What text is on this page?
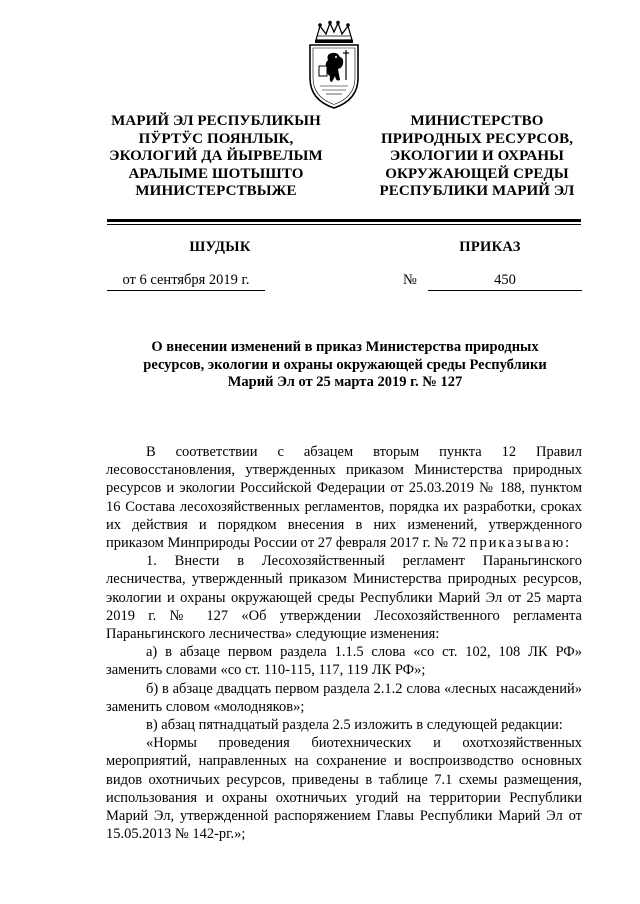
МАРИЙ ЭЛ РЕСПУБЛИКЫН
ПӰРТӰС ПОЯНЛЫК,
ЭКОЛОГИЙ ДА ЙЫРВЕЛЫМ
АРАЛЫМЕ ШОТЫШТО
МИНИСТЕРСТВЫЖЕ
МИНИСТЕРСТВО
ПРИРОДНЫХ РЕСУРСОВ,
ЭКОЛОГИИ И ОХРАНЫ
ОКРУЖАЮЩЕЙ СРЕДЫ
РЕСПУБЛИКИ МАРИЙ ЭЛ
ШУДЫК	ПРИКАЗ
от 6 сентября 2019 г.	№	450
О внесении изменений в приказ Министерства природных
ресурсов, экологии и охраны окружающей среды Республики
Марий Эл от 25 марта 2019 г. № 127

В соответствии с абзацем вторым пункта 12 Правил лесовосстановления, утвержденных приказом Министерства природных ресурсов и экологии Российской Федерации от 25.03.2019 № 188, пунктом 16 Состава лесохозяйственных регламентов, порядка их разработки, сроках их действия и порядком внесения в них изменений, утвержденного приказом Минприроды России от 27 февраля 2017 г. № 72 приказываю:

1. Внести в Лесохозяйственный регламент Параньгинского лесничества, утвержденный приказом Министерства природных ресурсов, экологии и охраны окружающей среды Республики Марий Эл от 25 марта 2019 г. № 127 «Об утверждении Лесохозяйственного регламента Параньгинского лесничества» следующие изменения:

а) в абзаце первом раздела 1.1.5 слова «со ст. 102, 108 ЛК РФ» заменить словами «со ст. 110-115, 117, 119 ЛК РФ»;

б) в абзаце двадцать первом раздела 2.1.2 слова «лесных насаждений» заменить словом «молодняков»;

в) абзац пятнадцатый раздела 2.5 изложить в следующей редакции:

«Нормы проведения биотехнических и охотхозяйственных мероприятий, направленных на сохранение и воспроизводство основных видов охотничьих ресурсов, приведены в таблице 7.1 схемы размещения, использования и охраны охотничьих угодий на территории Республики Марий Эл, утвержденной распоряжением Главы Республики Марий Эл от 15.05.2013 № 142-рг.»;
